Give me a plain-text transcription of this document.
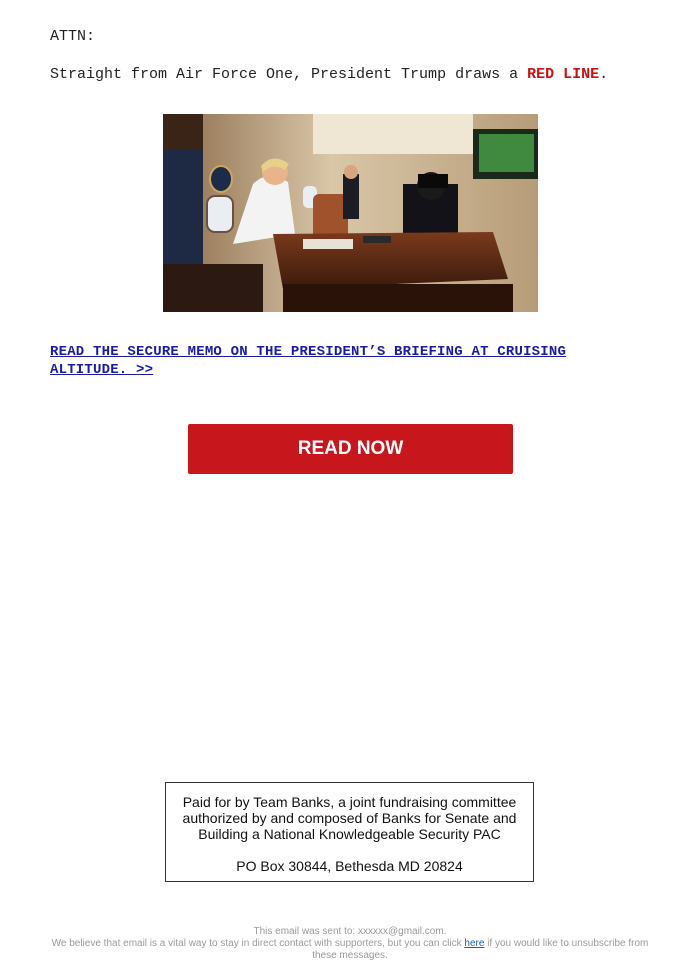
ATTN:

Straight from Air Force One, President Trump draws a RED LINE.

READ THE SECURE MEMO ON THE PRESIDENT’S BRIEFING AT CRUISING ALTITUDE. >>
READ NOW

Paid for by Team Banks, a joint fundraising committee authorized by and composed of Banks for Senate and Building a National Knowledgeable Security PAC

PO Box 30844, Bethesda MD 20824

This email was sent to: xxxxxx@gmail.com.

We believe that email is a vital way to stay in direct contact with supporters, but you can click here if you would like to unsubscribe from these messages.
